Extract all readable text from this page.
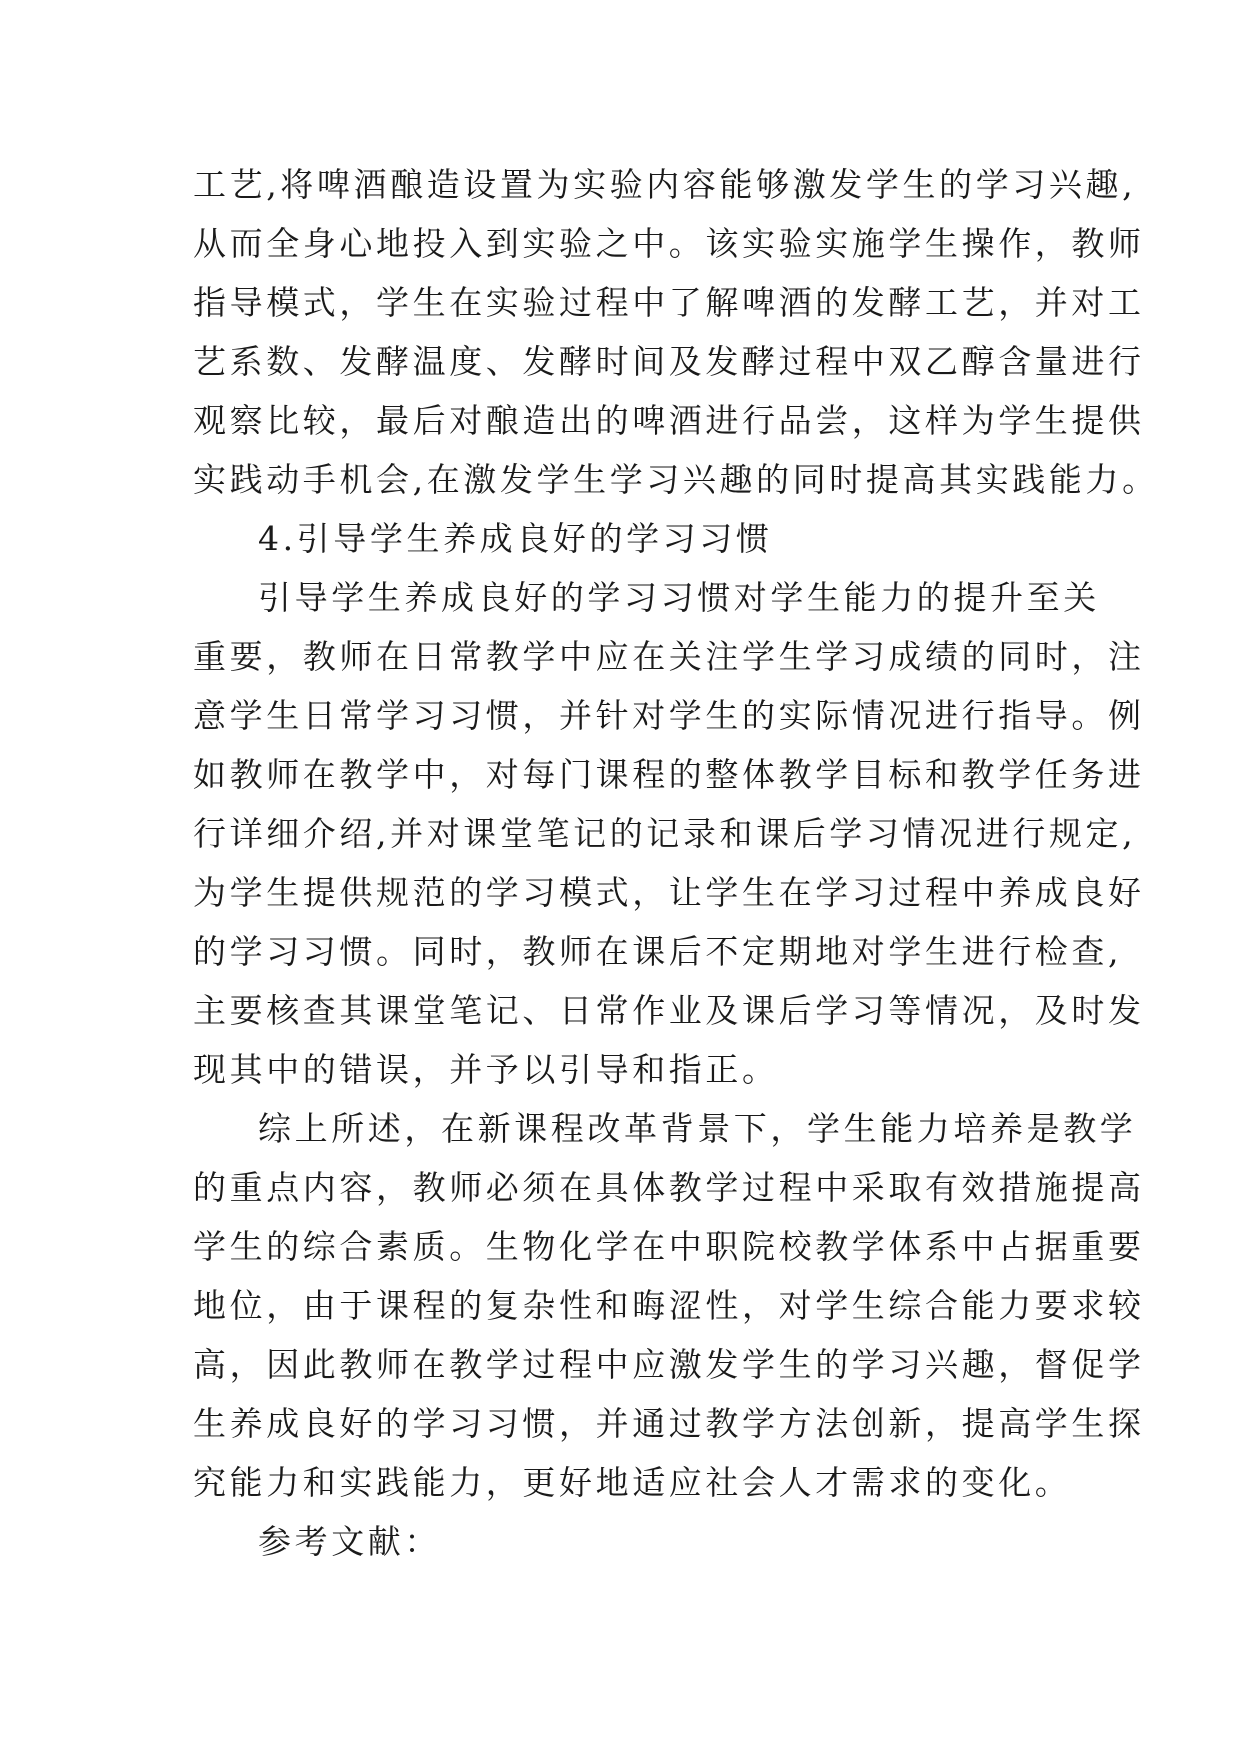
工艺,将啤酒酿造设置为实验内容能够激发学生的学习兴趣,
从而全身心地投入到实验之中。该实验实施学生操作，教师
指导模式，学生在实验过程中了解啤酒的发酵工艺，并对工
艺系数、发酵温度、发酵时间及发酵过程中双乙醇含量进行
观察比较，最后对酿造出的啤酒进行品尝，这样为学生提供
实践动手机会,在激发学生学习兴趣的同时提高其实践能力。
4.引导学生养成良好的学习习惯
引导学生养成良好的学习习惯对学生能力的提升至关
重要，教师在日常教学中应在关注学生学习成绩的同时，注
意学生日常学习习惯，并针对学生的实际情况进行指导。例
如教师在教学中，对每门课程的整体教学目标和教学任务进
行详细介绍,并对课堂笔记的记录和课后学习情况进行规定,
为学生提供规范的学习模式，让学生在学习过程中养成良好
的学习习惯。同时，教师在课后不定期地对学生进行检查,
主要核查其课堂笔记、日常作业及课后学习等情况，及时发
现其中的错误，并予以引导和指正。
综上所述，在新课程改革背景下，学生能力培养是教学
的重点内容，教师必须在具体教学过程中采取有效措施提高
学生的综合素质。生物化学在中职院校教学体系中占据重要
地位，由于课程的复杂性和晦涩性，对学生综合能力要求较
高，因此教师在教学过程中应激发学生的学习兴趣，督促学
生养成良好的学习习惯，并通过教学方法创新，提高学生探
究能力和实践能力，更好地适应社会人才需求的变化。
参考文献：
